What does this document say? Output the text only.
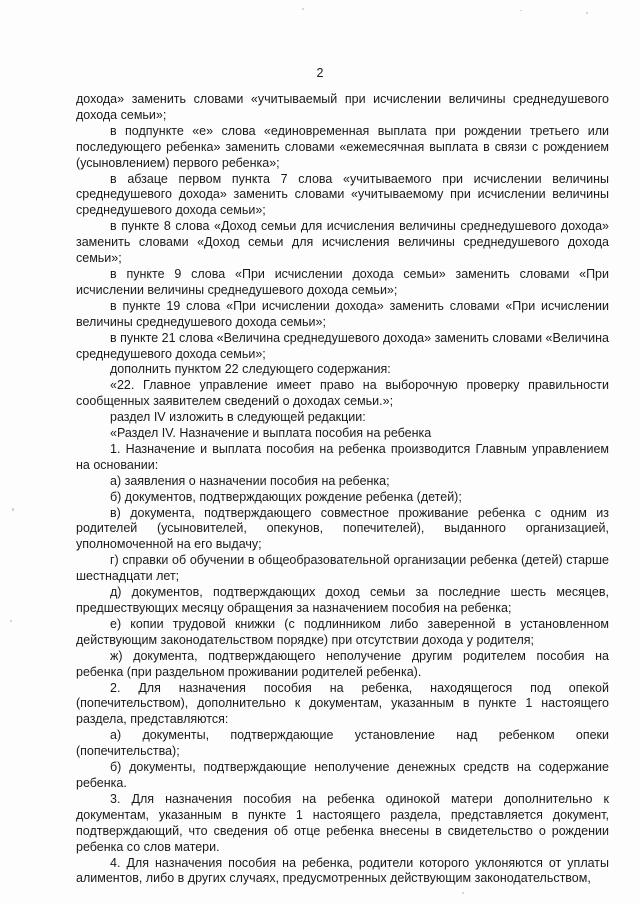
2

дохода» заменить словами «учитываемый при исчислении величины среднедушевого дохода семьи»;

в подпункте «е» слова «единовременная выплата при рождении третьего или последующего ребенка» заменить словами «ежемесячная выплата в связи с рождением (усыновлением) первого ребенка»;

в абзаце первом пункта 7 слова «учитываемого при исчислении величины среднедушевого дохода» заменить словами «учитываемому при исчислении величины среднедушевого дохода семьи»;

в пункте 8 слова «Доход семьи для исчисления величины среднедушевого дохода» заменить словами «Доход семьи для исчисления величины среднедушевого дохода семьи»;

в пункте 9 слова «При исчислении дохода семьи» заменить словами «При исчислении величины среднедушевого дохода семьи»;

в пункте 19 слова «При исчислении дохода» заменить словами «При исчислении величины среднедушевого дохода семьи»;

в пункте 21 слова «Величина среднедушевого дохода» заменить словами «Величина среднедушевого дохода семьи»;

дополнить пунктом 22 следующего содержания:

«22. Главное управление имеет право на выборочную проверку правильности сообщенных заявителем сведений о доходах семьи.»;

раздел IV изложить в следующей редакции:

«Раздел IV. Назначение и выплата пособия на ребенка

1. Назначение и выплата пособия на ребенка производится Главным управлением на основании:

а) заявления о назначении пособия на ребенка;

б) документов, подтверждающих рождение ребенка (детей);

в) документа, подтверждающего совместное проживание ребенка с одним из родителей (усыновителей, опекунов, попечителей), выданного организацией, уполномоченной на его выдачу;

г) справки об обучении в общеобразовательной организации ребенка (детей) старше шестнадцати лет;

д) документов, подтверждающих доход семьи за последние шесть месяцев, предшествующих месяцу обращения за назначением пособия на ребенка;

е) копии трудовой книжки (с подлинником либо заверенной в установленном действующим законодательством порядке) при отсутствии дохода у родителя;

ж) документа, подтверждающего неполучение другим родителем пособия на ребенка (при раздельном проживании родителей ребенка).

2. Для назначения пособия на ребенка, находящегося под опекой (попечительством), дополнительно к документам, указанным в пункте 1 настоящего раздела, представляются:

а) документы, подтверждающие установление над ребенком опеки (попечительства);

б) документы, подтверждающие неполучение денежных средств на содержание ребенка.

3. Для назначения пособия на ребенка одинокой матери дополнительно к документам, указанным в пункте 1 настоящего раздела, представляется документ, подтверждающий, что сведения об отце ребенка внесены в свидетельство о рождении ребенка со слов матери.

4. Для назначения пособия на ребенка, родители которого уклоняются от уплаты алиментов, либо в других случаях, предусмотренных действующим законодательством,
